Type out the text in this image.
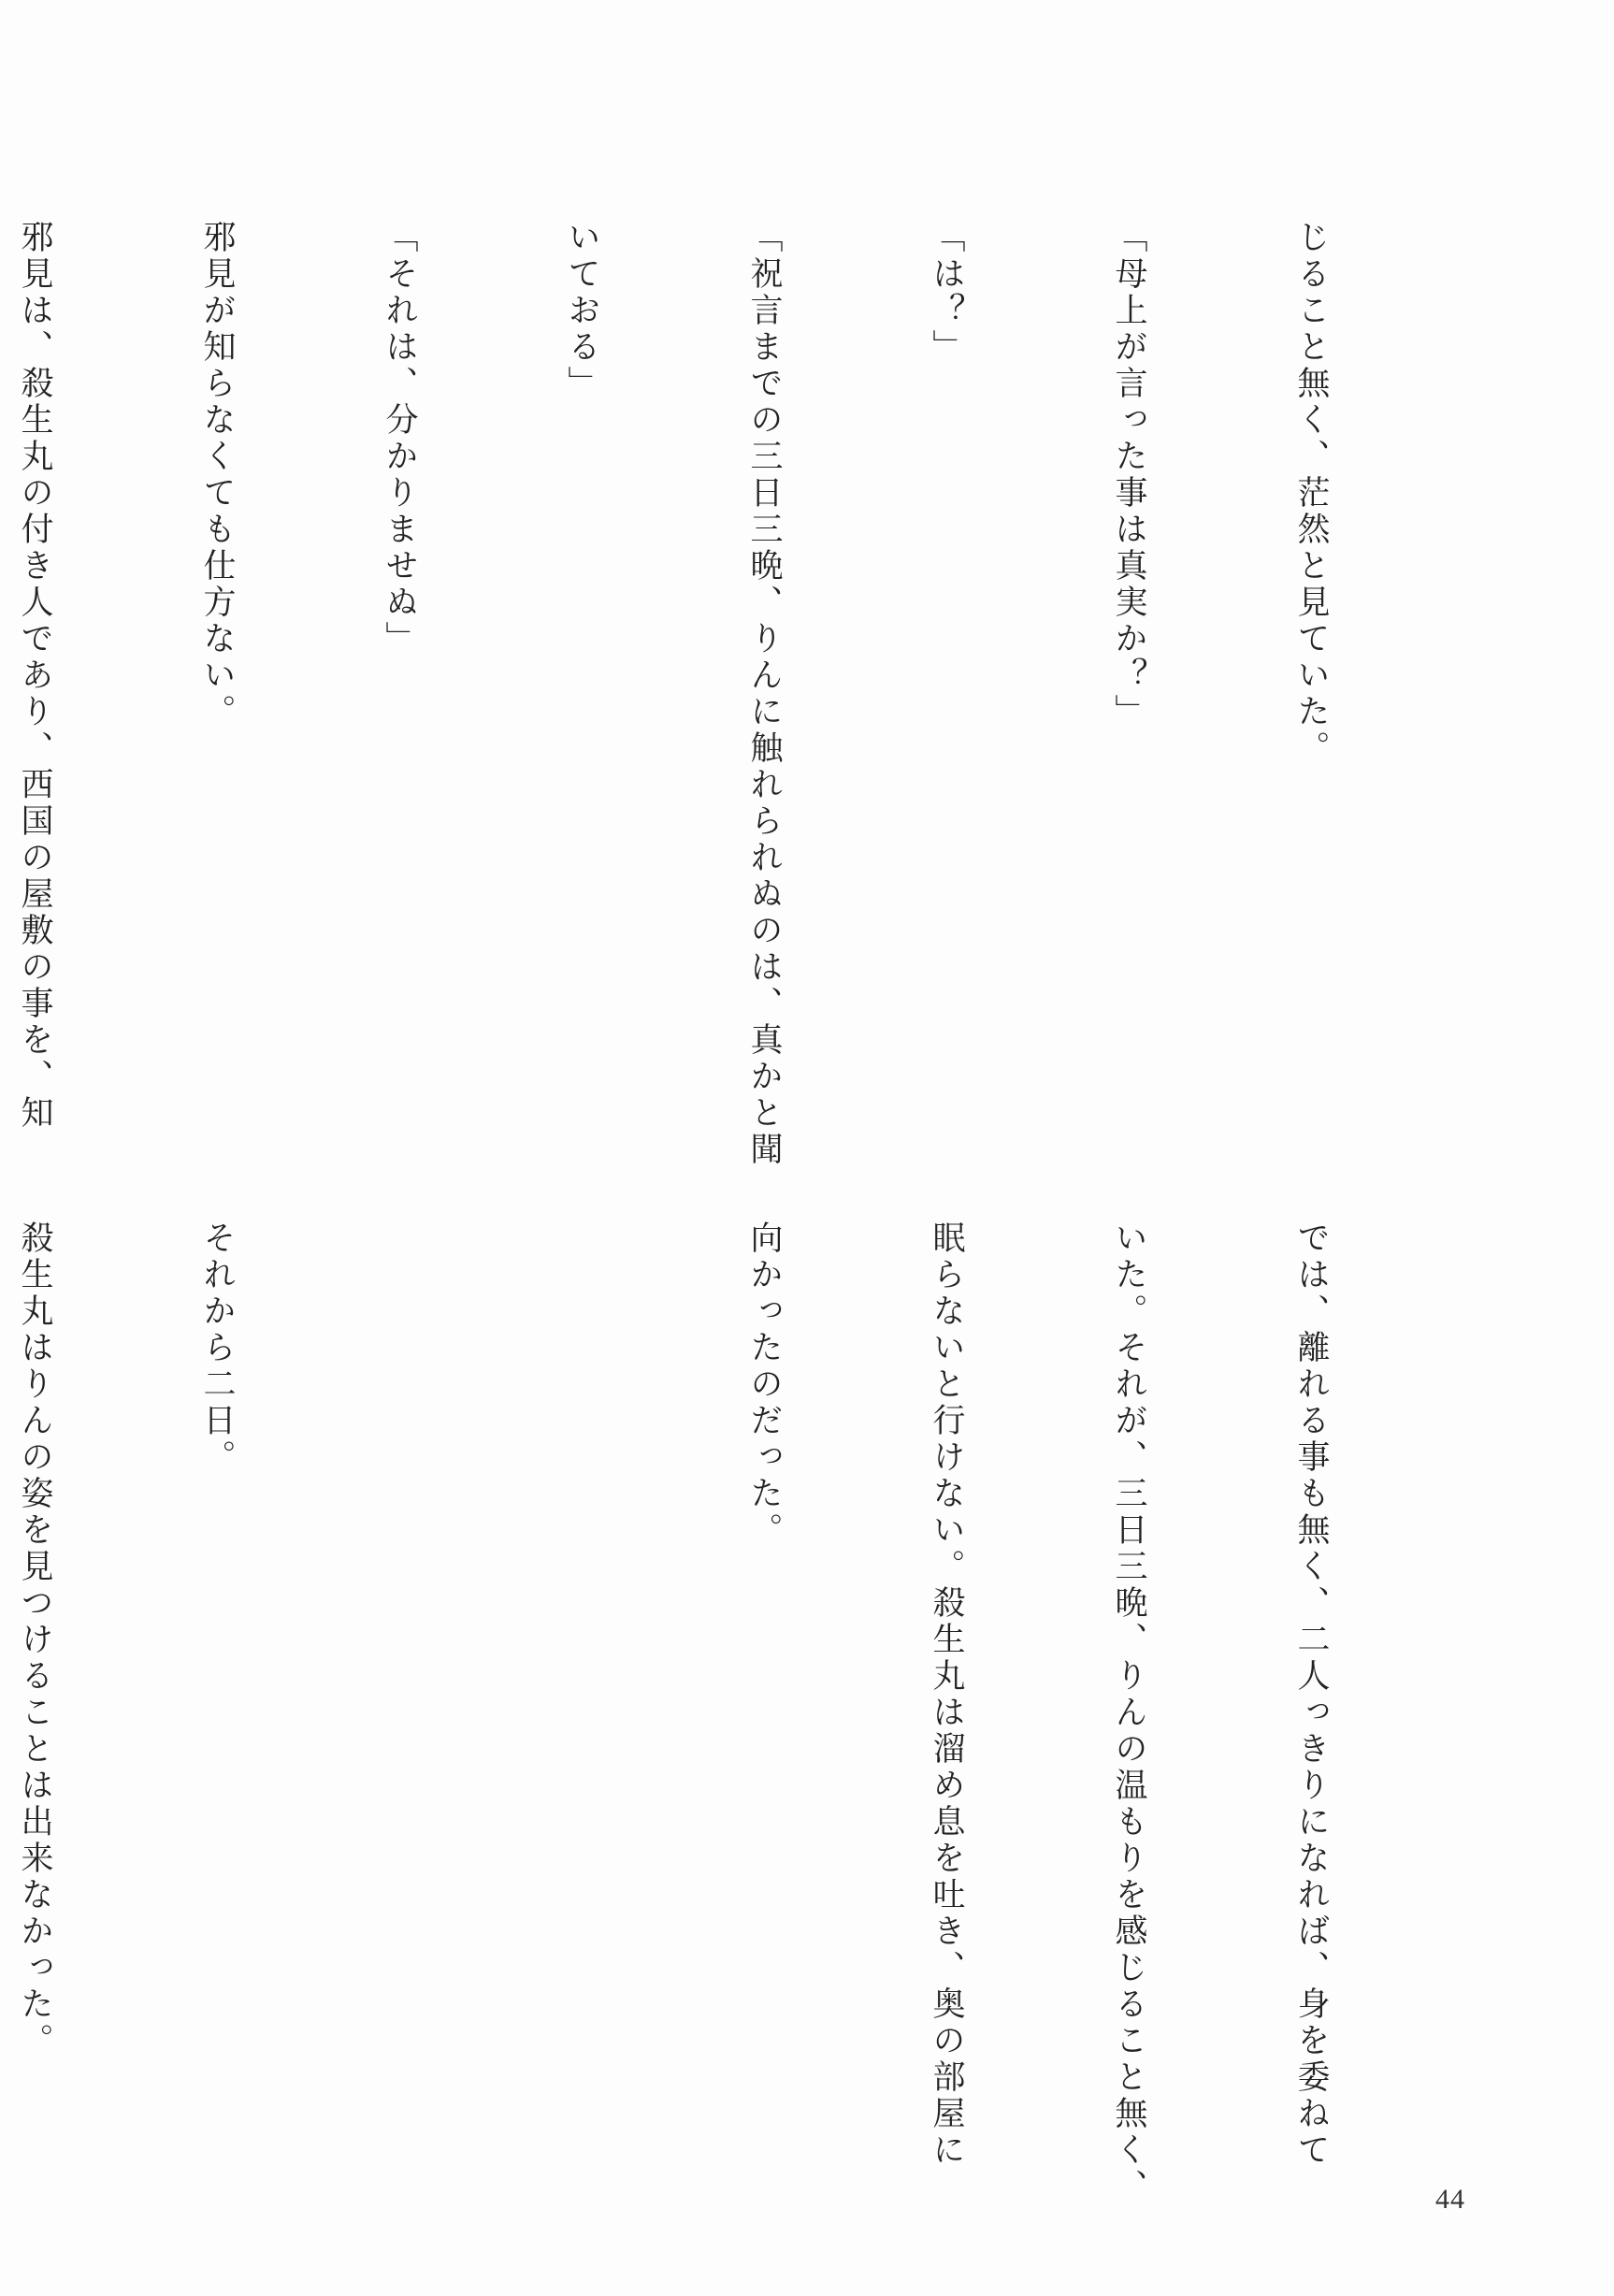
じること無く、茫然と見ていた。

「母上が言った事は真実か？」

「は？」

「祝言までの三日三晩、りんに触れられぬのは、真かと聞

いておる」

「それは、分かりませぬ」

邪見が知らなくても仕方ない。

邪見は、殺生丸の付き人であり、西国の屋敷の事を、知

では、離れる事も無く、二人っきりになれば、身を委ねて

いた。それが、三日三晩、りんの温もりを感じること無く、

眠らないと行けない。殺生丸は溜め息を吐き、奥の部屋に

向かったのだった。

それから二日。

殺生丸はりんの姿を見つけることは出来なかった。

44
